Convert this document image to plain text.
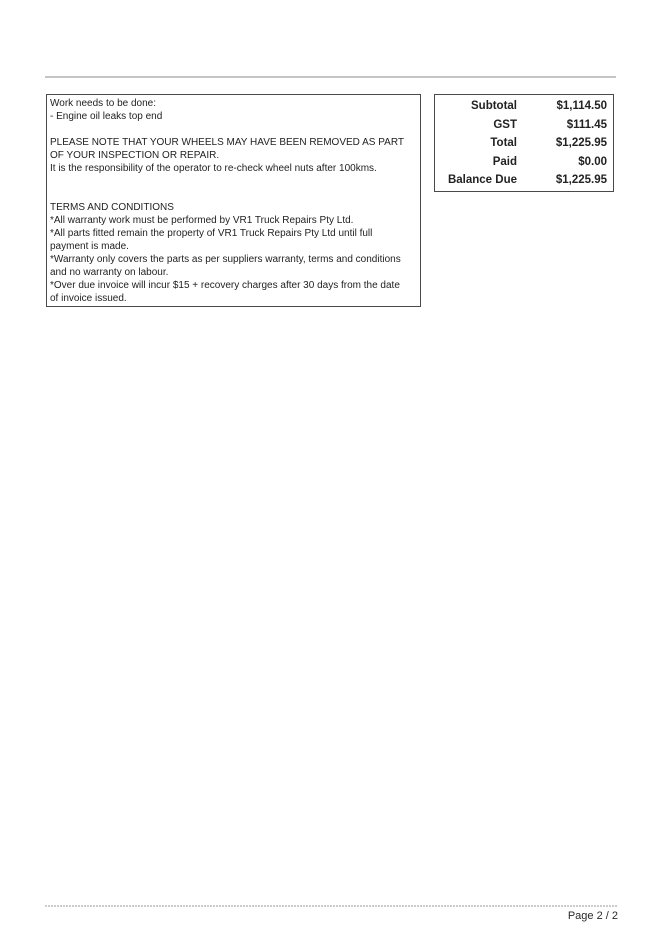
Work needs to be done:
- Engine oil leaks top end
PLEASE NOTE THAT YOUR WHEELS MAY HAVE BEEN REMOVED AS PART
OF YOUR INSPECTION OR REPAIR.
It is the responsibility of the operator to re-check wheel nuts after 100kms.
TERMS AND CONDITIONS
*All warranty work must be performed by VR1 Truck Repairs Pty Ltd.
*All parts fitted remain the property of VR1 Truck Repairs Pty Ltd until full
payment is made.
*Warranty only covers the parts as per suppliers warranty, terms and conditions
and no warranty on labour.
*Over due invoice will incur $15 + recovery charges after 30 days from the date
of invoice issued.
Subtotal	$1,114.50
GST	$111.45
Total	$1,225.95
Paid	$0.00
Balance Due	$1,225.95
Page 2 / 2
